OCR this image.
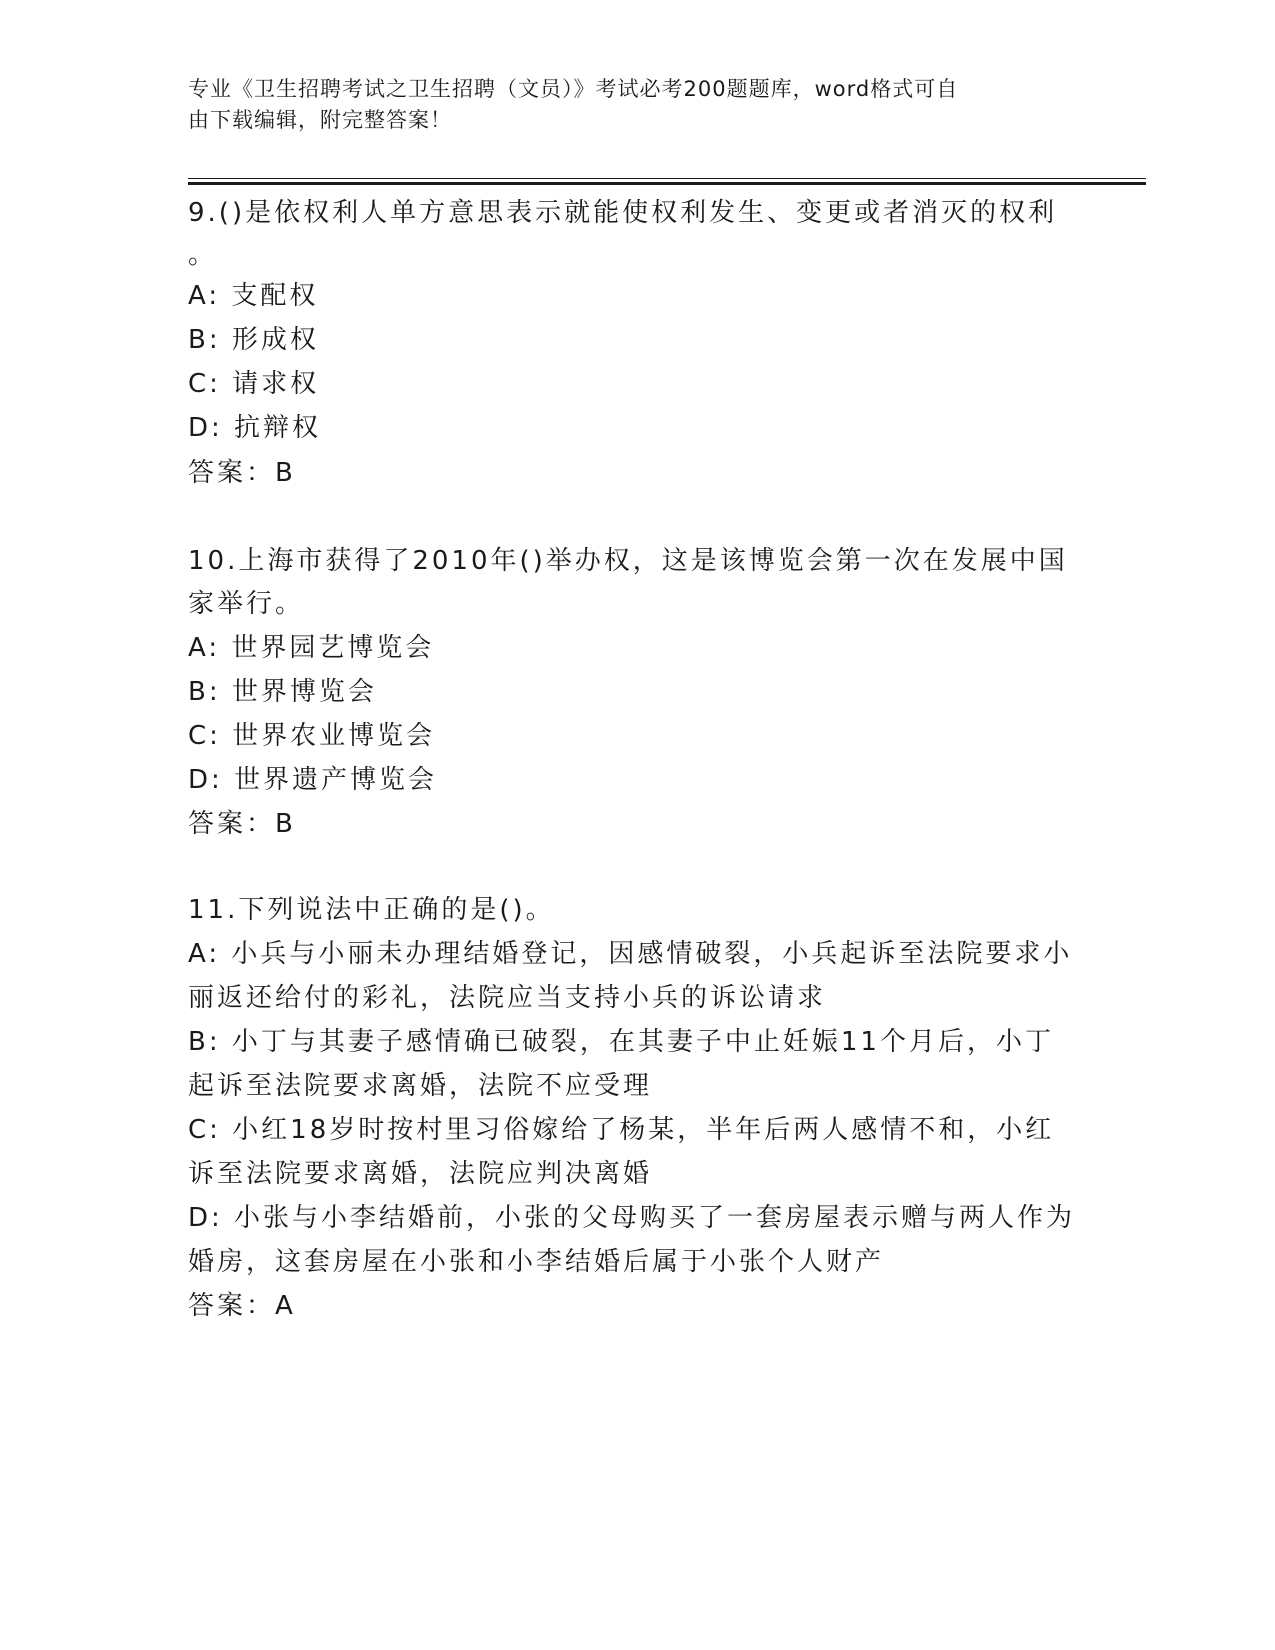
专业《卫生招聘考试之卫生招聘（文员）》考试必考200题题库，word格式可自
由下载编辑，附完整答案！
9.()是依权利人单方意思表示就能使权利发生、变更或者消灭的权利
。
A: 支配权
B: 形成权
C: 请求权
D: 抗辩权
答案：B
10.上海市获得了2010年()举办权，这是该博览会第一次在发展中国
家举行。
A: 世界园艺博览会
B: 世界博览会
C: 世界农业博览会
D: 世界遗产博览会
答案：B
11.下列说法中正确的是()。
A: 小兵与小丽未办理结婚登记，因感情破裂，小兵起诉至法院要求小
丽返还给付的彩礼，法院应当支持小兵的诉讼请求
B: 小丁与其妻子感情确已破裂，在其妻子中止妊娠11个月后，小丁
起诉至法院要求离婚，法院不应受理
C: 小红18岁时按村里习俗嫁给了杨某，半年后两人感情不和，小红
诉至法院要求离婚，法院应判决离婚
D: 小张与小李结婚前，小张的父母购买了一套房屋表示赠与两人作为
婚房，这套房屋在小张和小李结婚后属于小张个人财产
答案：A
